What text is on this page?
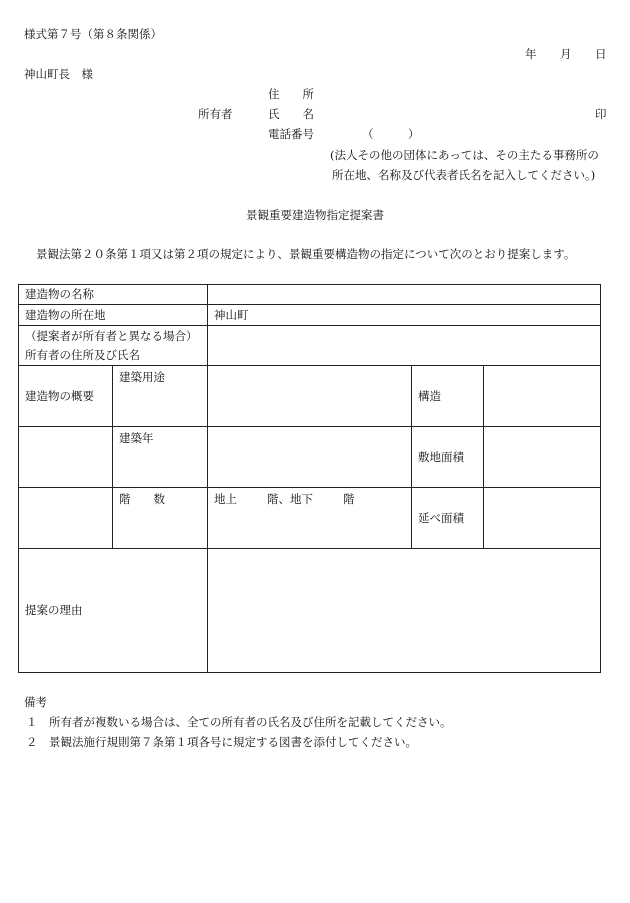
様式第７号（第８条関係）
年 月 日
神山町長　様
住　　所
所有者	氏　　名	印
電話番号	（　　　）
(法人その他の団体にあっては、その主たる事務所の
所在地、名称及び代表者氏名を記入してください。)
景観重要建造物指定提案書
景観法第２０条第１項又は第２項の規定により、景観重要構造物の指定について次のとおり提案します。
建造物の名称				
建造物の所在地		神山町		

（提案者が所有者と異なる場合）
所有者の住所及び氏名				

建造物の概要	建築用途		構造	
	建築年		敷地面積	
	階　　数	地上 階、地下 階	延べ面積	
提案の理由				
備考
１　所有者が複数いる場合は、全ての所有者の氏名及び住所を記載してください。
２　景観法施行規則第７条第１項各号に規定する図書を添付してください。
